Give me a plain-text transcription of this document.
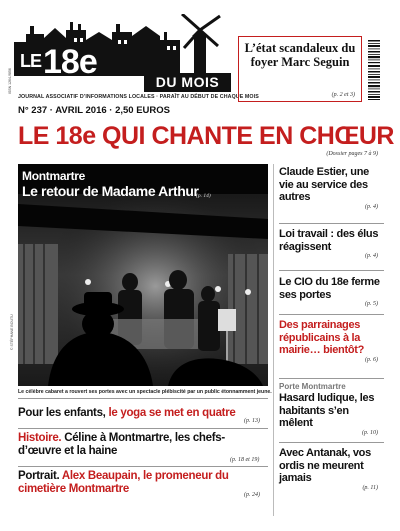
LE18e
DU MOIS
ISSN 1264-9856
JOURNAL ASSOCIATIF D’INFORMATIONS LOCALES · PARAÎT AU DÉBUT DE CHAQUE MOIS
N° 237 · AVRIL 2016 · 2,50 EUROS
L’état scandaleux du foyer Marc Seguin
(p. 2 et 3)
LE 18e QUI CHANTE EN CHŒUR
(Dossier pages 7 à 9)
Montmartre
Le retour de Madame Arthur
(p. 14)
© STÉPHANE BOUTU
Le célèbre cabaret a rouvert ses portes avec un spectacle plébiscité par un public étonnamment jeune.
Pour les enfants, le yoga se met en quatre
(p. 13)
Histoire. Céline à Montmartre, les chefs-d’œuvre et la haine
(p. 18 et 19)
Portrait. Alex Beaupain, le promeneur du cimetière Montmartre	(p. 24)
Claude Estier, une vie au service des autres
(p. 4)
Loi travail : des élus réagissent
(p. 4)
Le CIO du 18e ferme ses portes
(p. 5)
Des parrainages républicains à la mairie… bientôt?
(p. 6)
Porte Montmartre
Hasard ludique, les habitants s’en mêlent
(p. 10)
Avec Antanak, vos ordis ne meurent jamais
(p. 11)
